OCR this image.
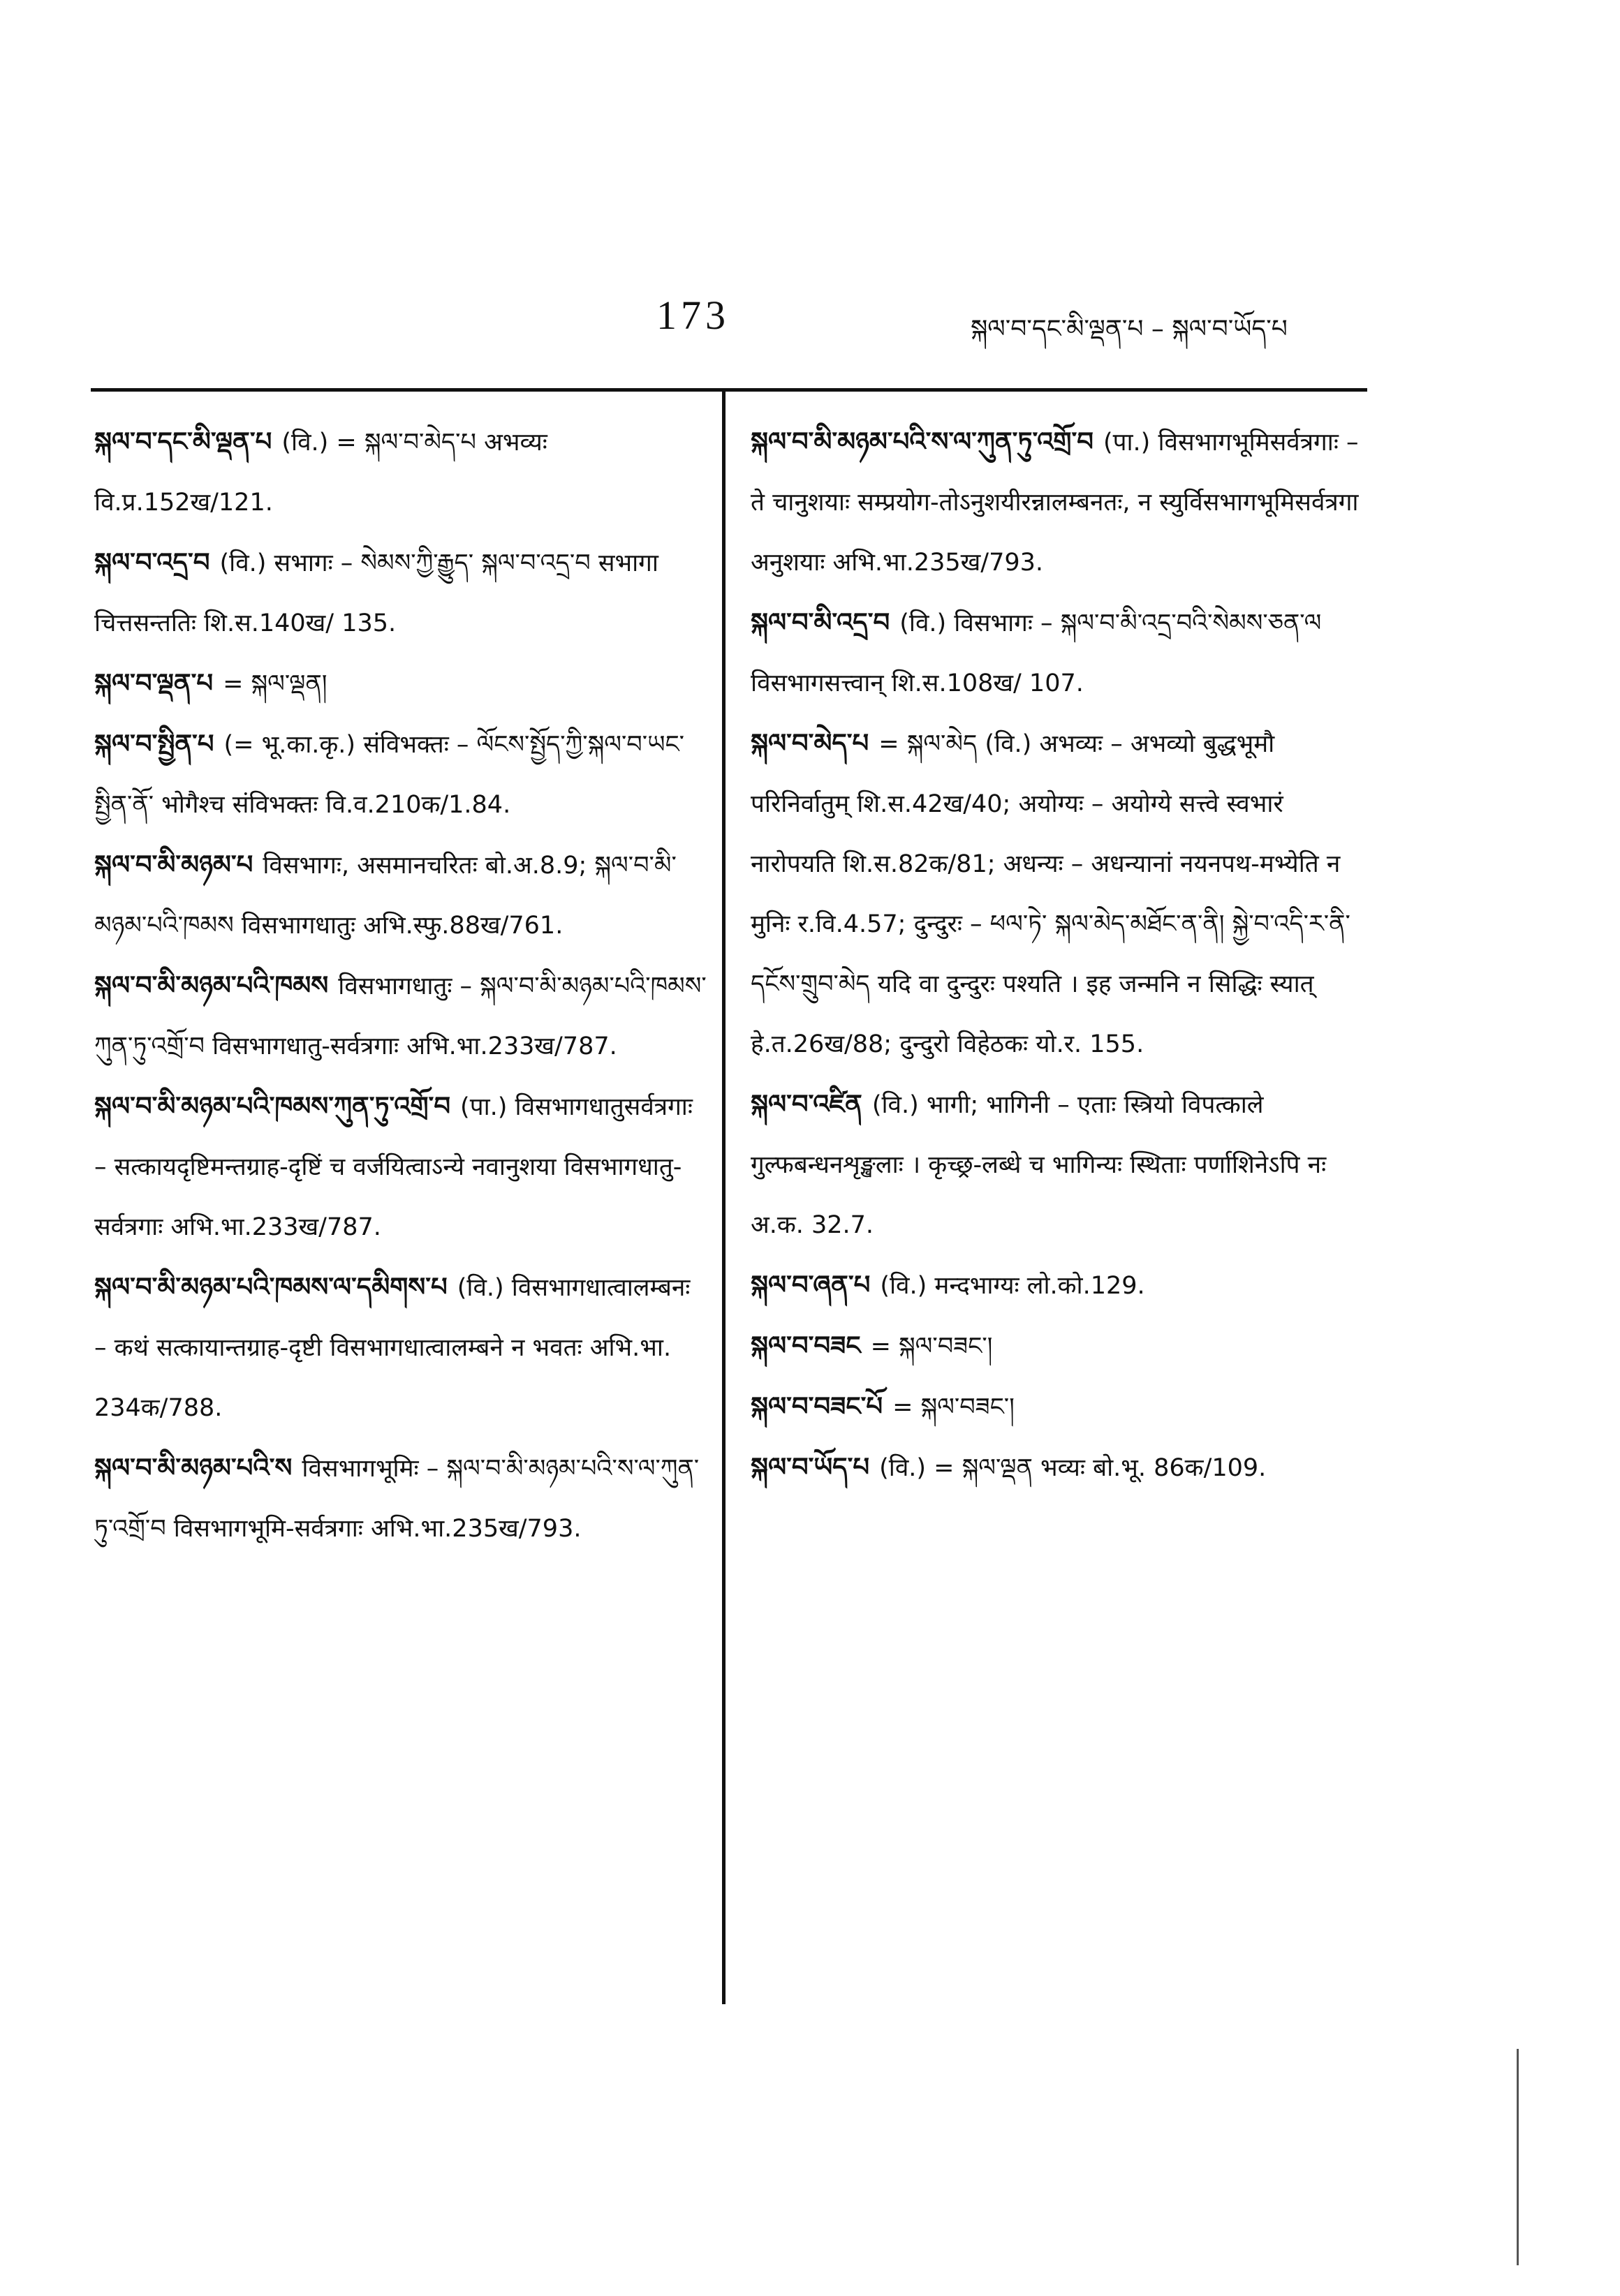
173	སྐལ་བ་དང་མི་ལྡན་པ – སྐལ་བ་ཡོད་པ
སྐལ་བ་དང་མི་ལྡན་པ (वि.) = སྐལ་བ་མེད་པ अभव्यः वि.प्र.152ख/121.
སྐལ་བ་འདྲ་བ (वि.) सभागः – སེམས་ཀྱི་རྒྱུད་ སྐལ་བ་འདྲ་བ सभागा चित्तसन्ततिः शि.स.140ख/ 135.
སྐལ་བ་ལྡན་པ = སྐལ་ལྡན།
སྐལ་བ་སྤྱིན་པ (= भू.का.कृ.) संविभक्तः – ལོངས་སྤྱོད་ཀྱི་སྐལ་བ་ཡང་སྤྱིན་ནོ་ भोगैश्च संविभक्तः वि.व.210क/1.84.
སྐལ་བ་མི་མཉམ་པ विसभागः, असमानचरितः बो.अ.8.9; སྐལ་བ་མི་མཉམ་པའི་ཁམས विसभागधातुः अभि.स्फु.88ख/761.
སྐལ་བ་མི་མཉམ་པའི་ཁམས विसभागधातुः – སྐལ་བ་མི་མཉམ་པའི་ཁམས་ཀུན་ཏུ་འགྲོ་བ विसभागधातु-सर्वत्रगाः अभि.भा.233ख/787.
སྐལ་བ་མི་མཉམ་པའི་ཁམས་ཀུན་ཏུ་འགྲོ་བ (पा.) विसभागधातुसर्वत्रगाः – सत्कायदृष्टिमन्तग्राह-दृष्टिं च वर्जयित्वाऽन्ये नवानुशया विसभागधातु-सर्वत्रगाः अभि.भा.233ख/787.
སྐལ་བ་མི་མཉམ་པའི་ཁམས་ལ་དམིགས་པ (वि.) विसभागधात्वालम्बनः – कथं सत्कायान्तग्राह-दृष्टी विसभागधात्वालम्बने न भवतः अभि.भा. 234क/788.
སྐལ་བ་མི་མཉམ་པའི་ས विसभागभूमिः – སྐལ་བ་མི་མཉམ་པའི་ས་ལ་ཀུན་ཏུ་འགྲོ་བ विसभागभूमि-सर्वत्रगाः अभि.भा.235ख/793.
སྐལ་བ་མི་མཉམ་པའི་ས་ལ་ཀུན་ཏུ་འགྲོ་བ (पा.) विसभागभूमिसर्वत्रगाः – ते चानुशयाः सम्प्रयोग-तोऽनुशयीरन्नालम्बनतः, न स्युर्विसभागभूमिसर्वत्रगा अनुशयाः अभि.भा.235ख/793.
སྐལ་བ་མི་འདྲ་བ (वि.) विसभागः – སྐལ་བ་མི་འདྲ་བའི་སེམས་ཅན་ལ विसभागसत्त्वान् शि.स.108ख/ 107.
སྐལ་བ་མེད་པ = སྐལ་མེད (वि.) अभव्यः – अभव्यो बुद्धभूमौ परिनिर्वातुम् शि.स.42ख/40; अयोग्यः – अयोग्ये सत्त्वे स्वभारं नारोपयति शि.स.82क/81; अधन्यः – अधन्यानां नयनपथ-मभ्येति न मुनिः र.वि.4.57; दुन्दुरः – ཕལ་ཏེ་ སྐལ་མེད་མཐོང་ན་ནི། སྐྱེ་བ་འདི་ར་ནི་དངོས་གྲུབ་མེད यदि वा दुन्दुरः पश्यति । इह जन्मनि न सिद्धिः स्यात् हे.त.26ख/88; दुन्दुरो विहेठकः यो.र. 155.
སྐལ་བ་འཛིན (वि.) भागी; भागिनी – एताः स्त्रियो विपत्काले गुल्फबन्धनशृङ्खलाः । कृच्छ्र-लब्धे च भागिन्यः स्थिताः पर्णाशिनेऽपि नः अ.क. 32.7.
སྐལ་བ་ཞན་པ (वि.) मन्दभाग्यः लो.को.129.
སྐལ་བ་བཟང = སྐལ་བཟང་།
སྐལ་བ་བཟང་པོ = སྐལ་བཟང་།
སྐལ་བ་ཡོད་པ (वि.) = སྐལ་ལྡན भव्यः बो.भू. 86क/109.
